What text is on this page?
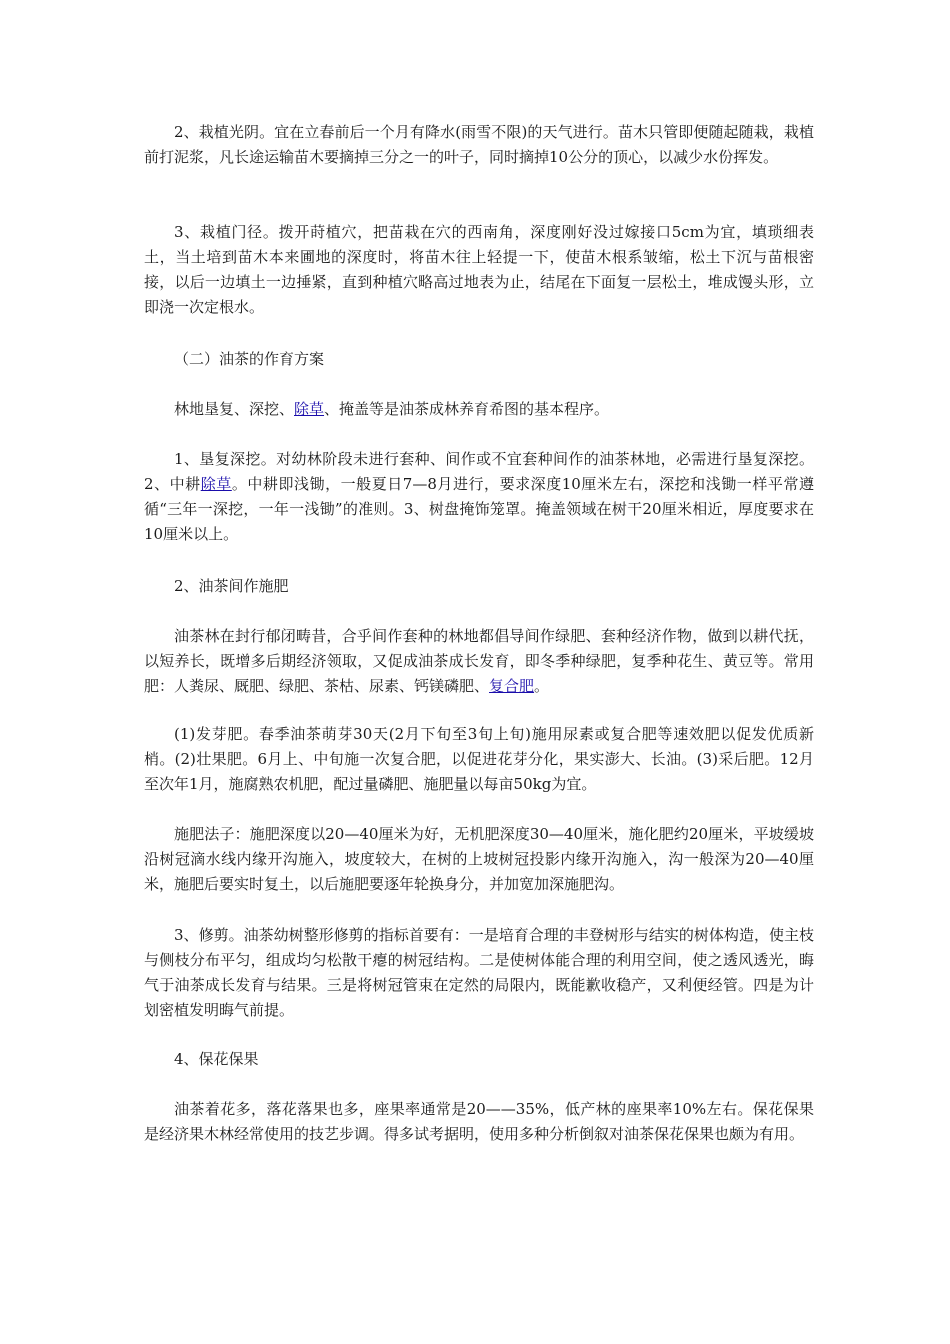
2、栽植光阴。宜在立春前后一个月有降水(雨雪不限)的天气进行。苗木只管即便随起随栽，栽植前打泥浆，凡长途运输苗木要摘掉三分之一的叶子，同时摘掉10公分的顶心，以减少水份挥发。

3、栽植门径。拨开莳植穴，把苗栽在穴的西南角，深度刚好没过嫁接口5cm为宜，填琐细表土，当土培到苗木本来圃地的深度时，将苗木往上轻提一下，使苗木根系皱缩，松土下沉与苗根密接，以后一边填土一边捶紧，直到种植穴略高过地表为止，结尾在下面复一层松土，堆成馒头形，立即浇一次定根水。

（二）油茶的作育方案

林地垦复、深挖、除草、掩盖等是油茶成林养育希图的基本程序。

1、垦复深挖。对幼林阶段未进行套种、间作或不宜套种间作的油茶林地，必需进行垦复深挖。2、中耕除草。中耕即浅锄，一般夏日7—8月进行，要求深度10厘米左右，深挖和浅锄一样平常遵循“三年一深挖，一年一浅锄”的准则。3、树盘掩饰笼罩。掩盖领域在树干20厘米相近，厚度要求在10厘米以上。

2、油茶间作施肥

油茶林在封行郁闭畴昔，合乎间作套种的林地都倡导间作绿肥、套种经济作物，做到以耕代抚，以短养长，既增多后期经济领取，又促成油茶成长发育，即冬季种绿肥，复季种花生、黄豆等。常用肥：人粪尿、厩肥、绿肥、茶枯、尿素、钙镁磷肥、复合肥。

(1)发芽肥。春季油茶萌芽30天(2月下旬至3旬上旬)施用尿素或复合肥等速效肥以促发优质新梢。(2)壮果肥。6月上、中旬施一次复合肥，以促进花芽分化，果实澎大、长油。(3)采后肥。12月至次年1月，施腐熟农机肥，配过量磷肥、施肥量以每亩50kg为宜。

施肥法子：施肥深度以20—40厘米为好，无机肥深度30—40厘米，施化肥约20厘米，平坡缓坡沿树冠滴水线内缘开沟施入，坡度较大，在树的上坡树冠投影内缘开沟施入，沟一般深为20—40厘米，施肥后要实时复土，以后施肥要逐年轮换身分，并加宽加深施肥沟。

3、修剪。油茶幼树整形修剪的指标首要有：一是培育合理的丰登树形与结实的树体构造，使主枝与侧枝分布平匀，组成均匀松散干瘪的树冠结构。二是使树体能合理的利用空间，使之透风透光，晦气于油茶成长发育与结果。三是将树冠管束在定然的局限内，既能歉收稳产，又利便经管。四是为计划密植发明晦气前提。

4、保花保果

油茶着花多，落花落果也多，座果率通常是20——35%，低产林的座果率10%左右。保花保果是经济果木林经常使用的技艺步调。得多试考据明，使用多种分析倒叙对油茶保花保果也颇为有用。
